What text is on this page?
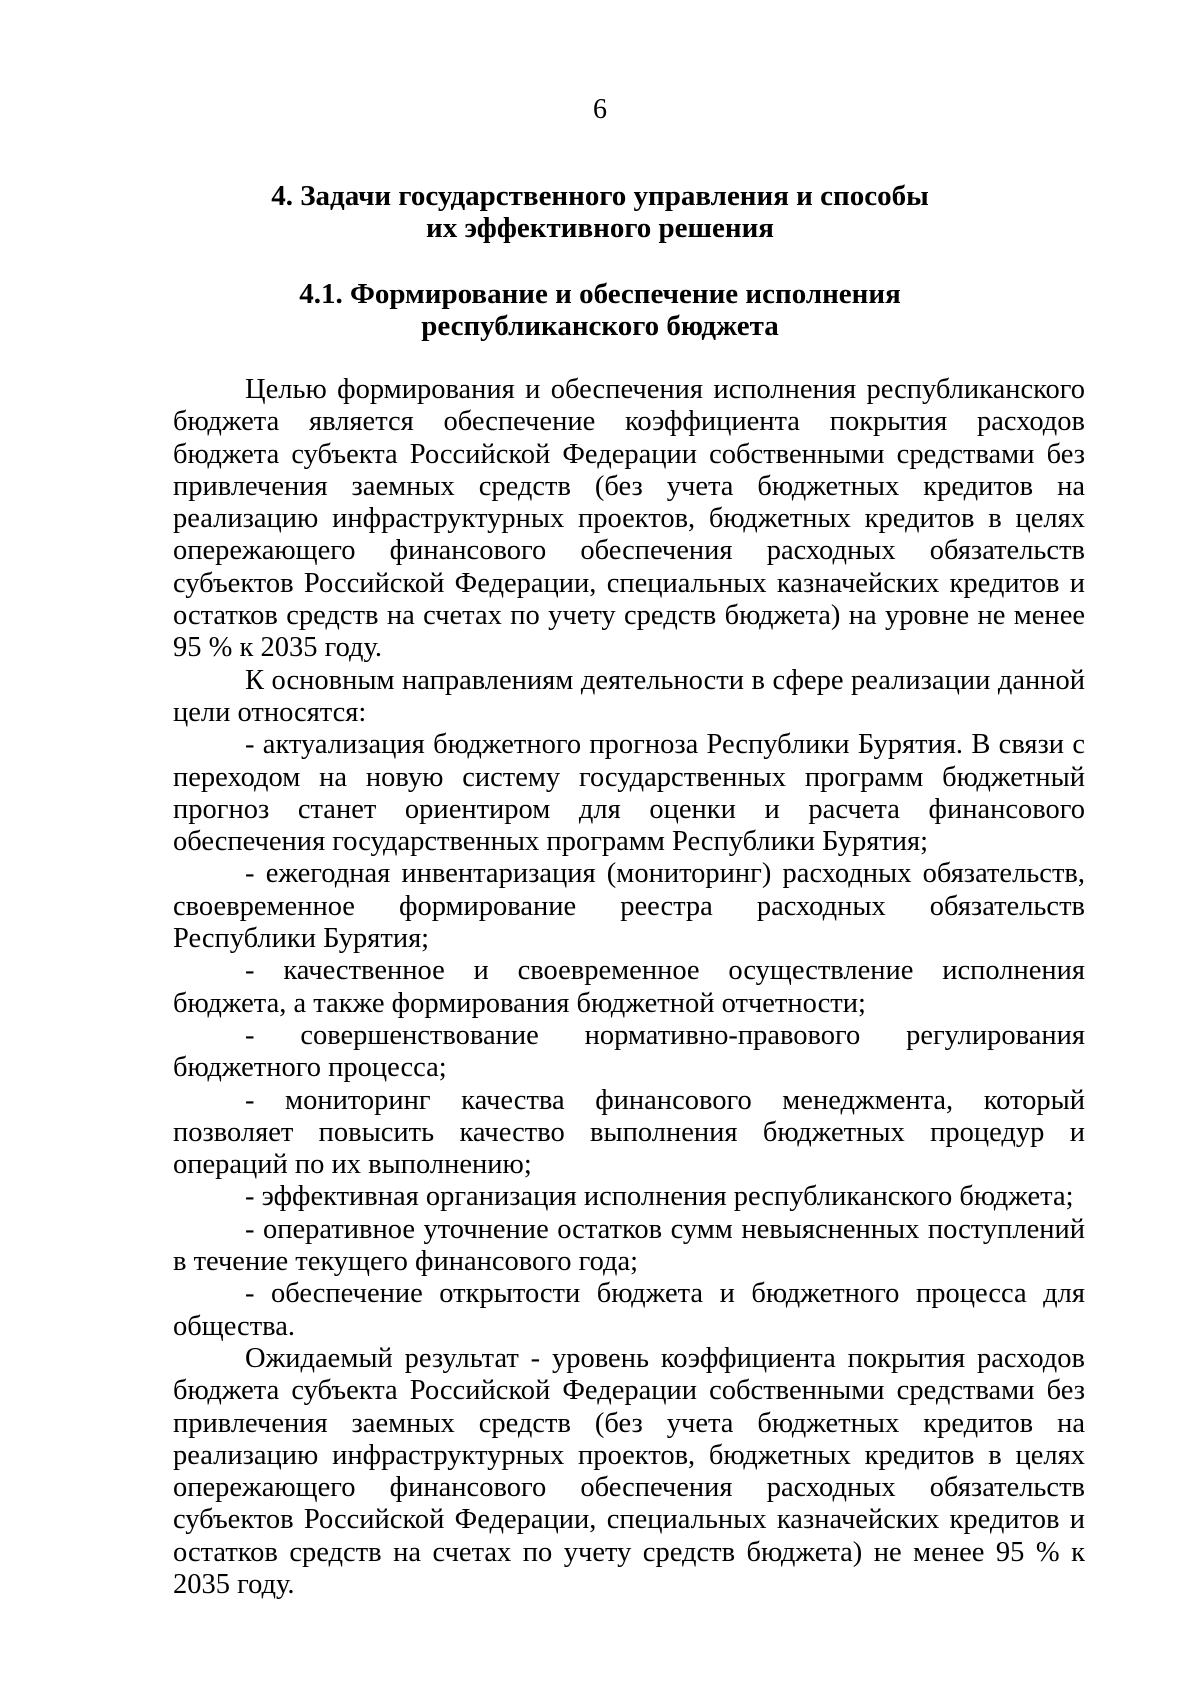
6
4. Задачи государственного управления и способы
их эффективного решения
4.1. Формирование и обеспечение исполнения
республиканского бюджета

Целью формирования и обеспечения исполнения республиканского бюджета является обеспечение коэффициента покрытия расходов бюджета субъекта Российской Федерации собственными средствами без привлечения заемных средств (без учета бюджетных кредитов на реализацию инфраструктурных проектов, бюджетных кредитов в целях опережающего финансового обеспечения расходных обязательств субъектов Российской Федерации, специальных казначейских кредитов и остатков средств на счетах по учету средств бюджета) на уровне не менее 95 % к 2035 году.

К основным направлениям деятельности в сфере реализации данной цели относятся:

- актуализация бюджетного прогноза Республики Бурятия. В связи с переходом на новую систему государственных программ бюджетный прогноз станет ориентиром для оценки и расчета финансового обеспечения государственных программ Республики Бурятия;

- ежегодная инвентаризация (мониторинг) расходных обязательств, своевременное формирование реестра расходных обязательств Республики Бурятия;

- качественное и своевременное осуществление исполнения бюджета, а также формирования бюджетной отчетности;

- совершенствование нормативно-правового регулирования бюджетного процесса;

- мониторинг качества финансового менеджмента, который позволяет повысить качество выполнения бюджетных процедур и операций по их выполнению;

- эффективная организация исполнения республиканского бюджета;

- оперативное уточнение остатков сумм невыясненных поступлений в течение текущего финансового года;

- обеспечение открытости бюджета и бюджетного процесса для общества.

Ожидаемый результат - уровень коэффициента покрытия расходов бюджета субъекта Российской Федерации собственными средствами без привлечения заемных средств (без учета бюджетных кредитов на реализацию инфраструктурных проектов, бюджетных кредитов в целях опережающего финансового обеспечения расходных обязательств субъектов Российской Федерации, специальных казначейских кредитов и остатков средств на счетах по учету средств бюджета) не менее 95 % к 2035 году.
